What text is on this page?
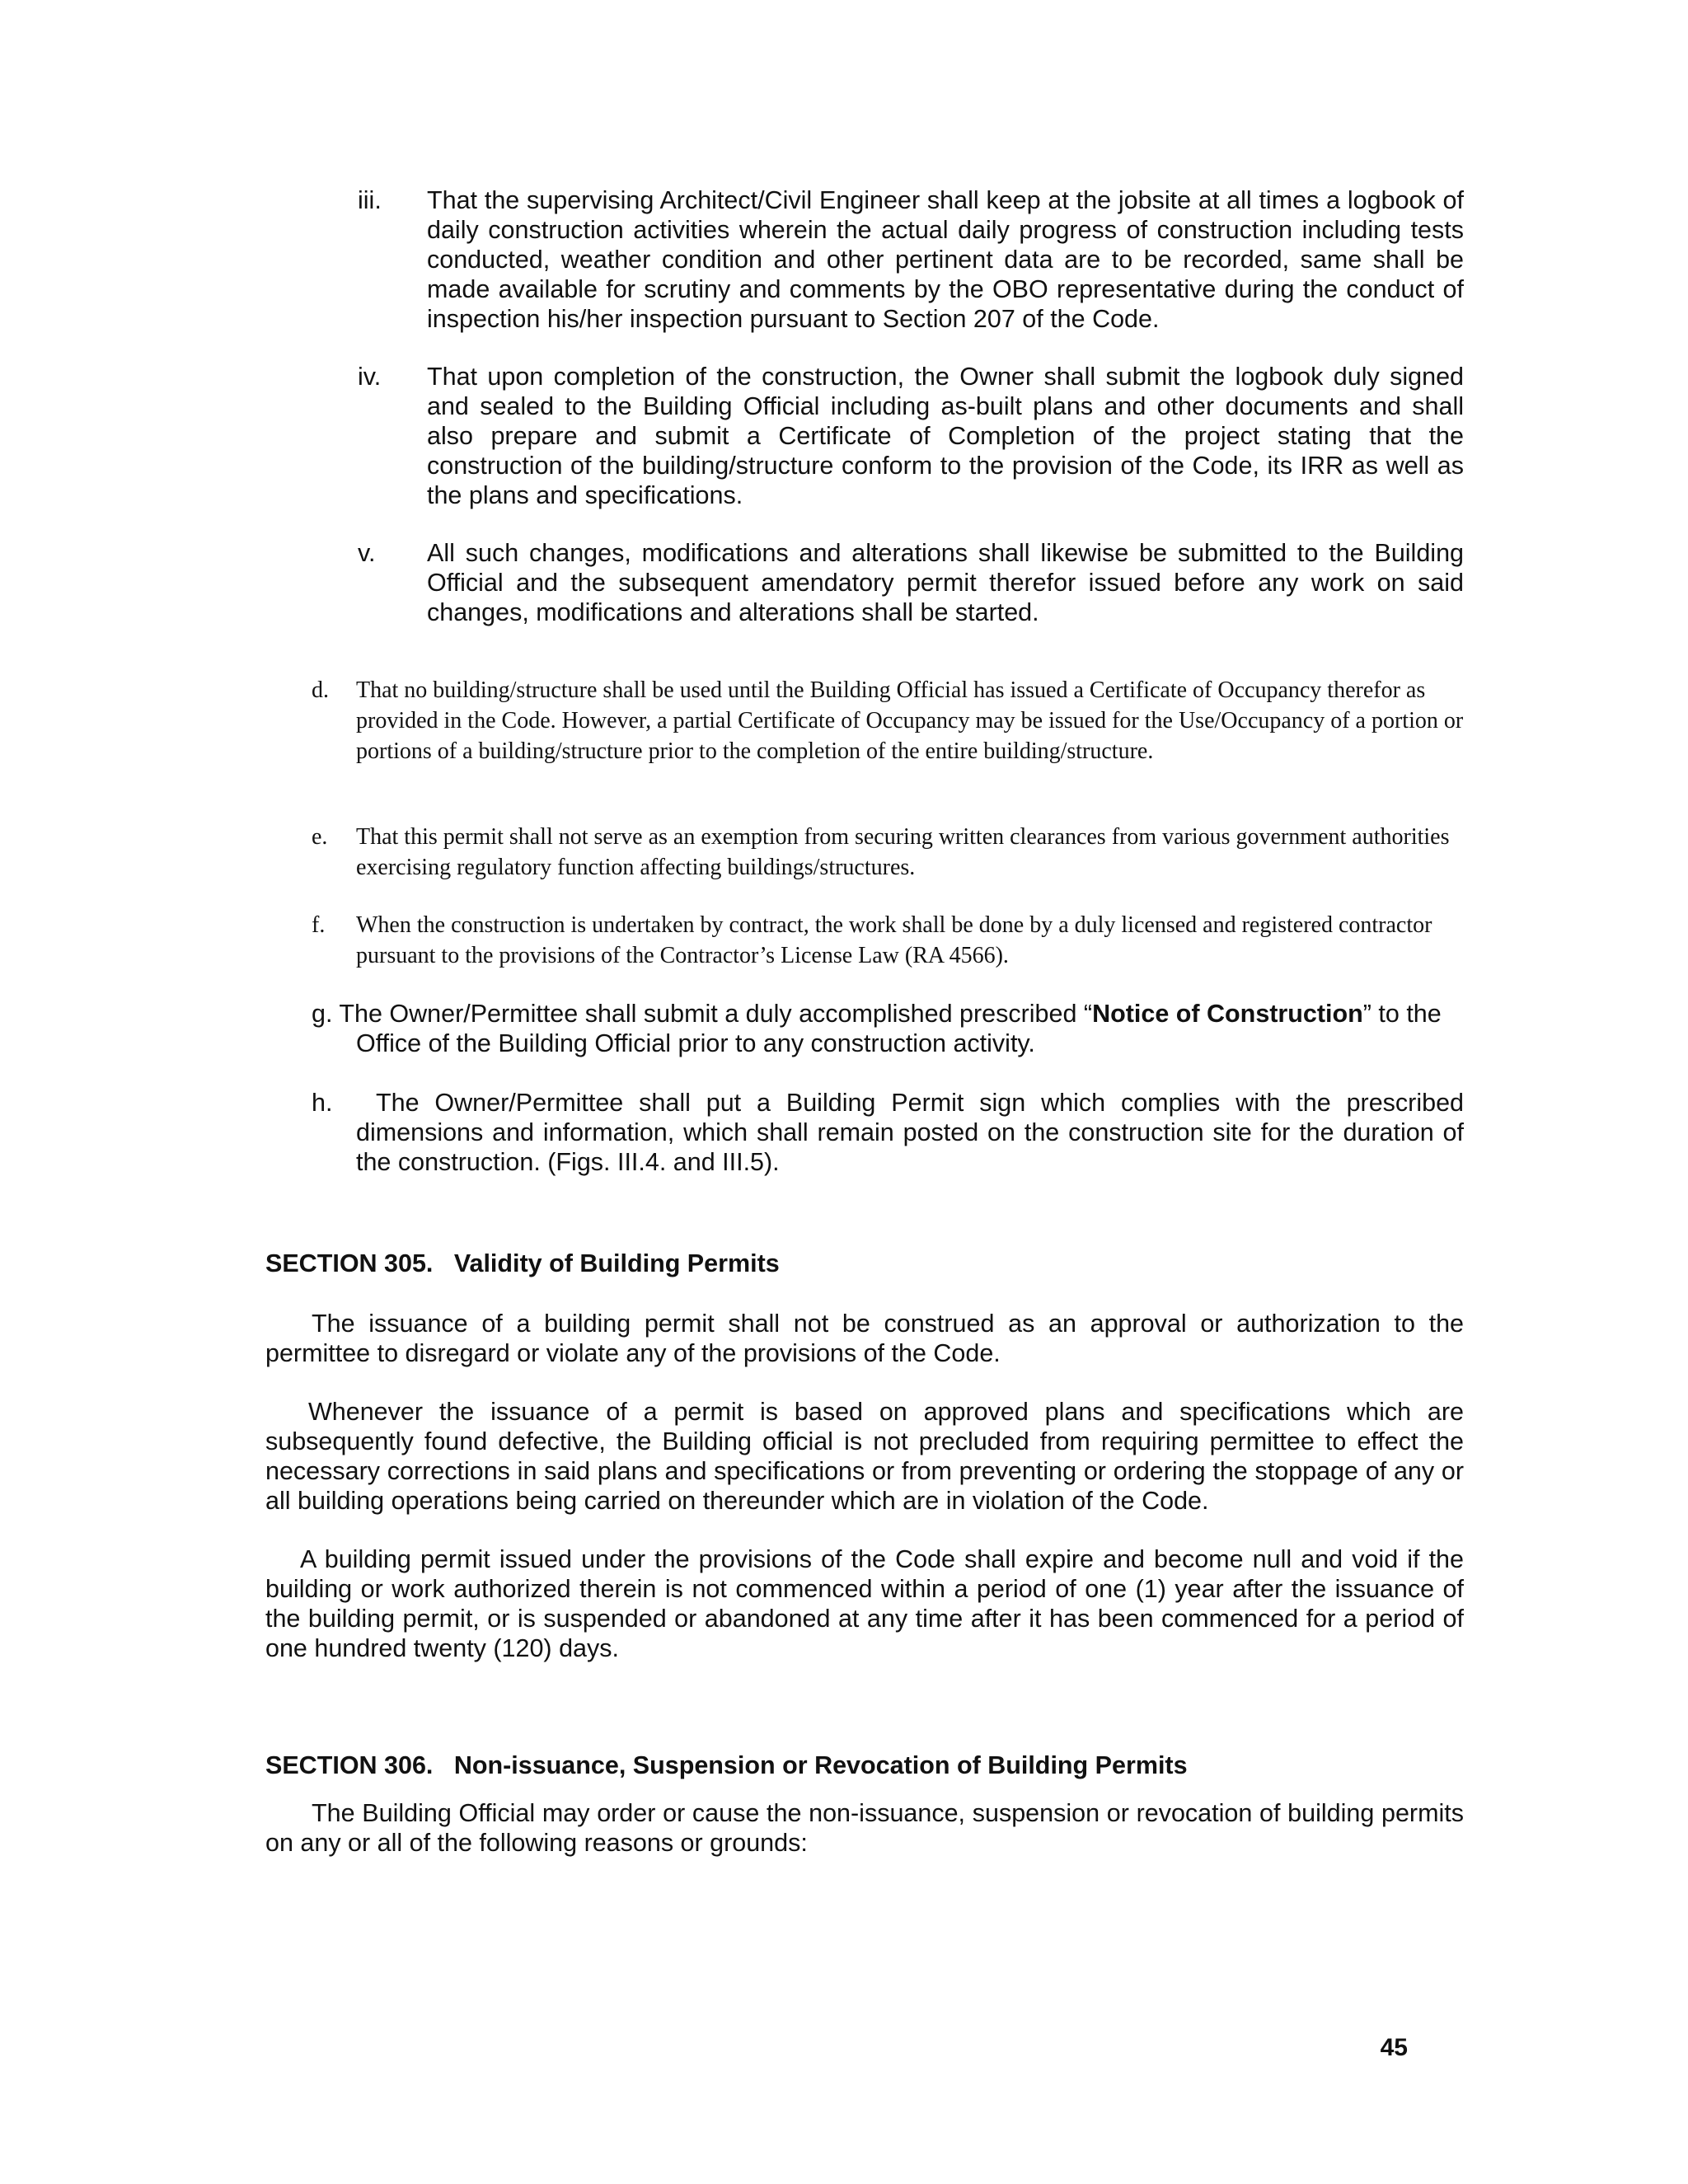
iii. That the supervising Architect/Civil Engineer shall keep at the jobsite at all times a logbook of daily construction activities wherein the actual daily progress of construction including tests conducted, weather condition and other pertinent data are to be recorded, same shall be made available for scrutiny and comments by the OBO representative during the conduct of inspection his/her inspection pursuant to Section 207 of the Code.
iv. That upon completion of the construction, the Owner shall submit the logbook duly signed and sealed to the Building Official including as-built plans and other documents and shall also prepare and submit a Certificate of Completion of the project stating that the construction of the building/structure conform to the provision of the Code, its IRR as well as the plans and specifications.
v. All such changes, modifications and alterations shall likewise be submitted to the Building Official and the subsequent amendatory permit therefor issued before any work on said changes, modifications and alterations shall be started.
d. That no building/structure shall be used until the Building Official has issued a Certificate of Occupancy therefor as provided in the Code. However, a partial Certificate of Occupancy may be issued for the Use/Occupancy of a portion or portions of a building/structure prior to the completion of the entire building/structure.
e. That this permit shall not serve as an exemption from securing written clearances from various government authorities exercising regulatory function affecting buildings/structures.
f. When the construction is undertaken by contract, the work shall be done by a duly licensed and registered contractor pursuant to the provisions of the Contractor’s License Law (RA 4566).
g. The Owner/Permittee shall submit a duly accomplished prescribed “Notice of Construction” to the Office of the Building Official prior to any construction activity.
h.	The Owner/Permittee shall put a Building Permit sign which complies with the prescribed dimensions and information, which shall remain posted on the construction site for the duration of the construction. (Figs. III.4. and III.5).
SECTION 305.   Validity of Building Permits
The issuance of a building permit shall not be construed as an approval or authorization to the permittee to disregard or violate any of the provisions of the Code.
Whenever the issuance of a permit is based on approved plans and specifications which are subsequently found defective, the Building official is not precluded from requiring permittee to effect the necessary corrections in said plans and specifications or from preventing or ordering the stoppage of any or all building operations being carried on thereunder which are in violation of the Code.
A building permit issued under the provisions of the Code shall expire and become null and void if the building or work authorized therein is not commenced within a period of one (1) year after the issuance of the building permit, or is suspended or abandoned at any time after it has been commenced for a period of one hundred twenty (120) days.
SECTION 306.   Non-issuance, Suspension or Revocation of Building Permits
The Building Official may order or cause the non-issuance, suspension or revocation of building permits on any or all of the following reasons or grounds:
45
